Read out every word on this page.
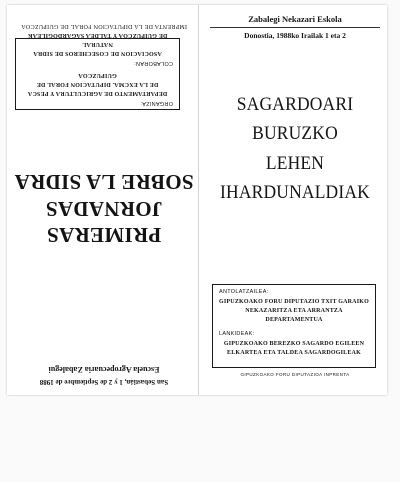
IMPRENTA DE LA DIPUTACION FORAL DE GUIPUZCOA
ORGANIZA:
DEPARTAMENTO DE AGRICULTURA Y PESCA
DE LA EXCMA. DIPUTACION FORAL DE GUIPUZCOA
COLABORAN:
ASOCIACION DE COSECHEROS DE SIDRA NATURAL
DE GUIPUZCOA Y TALDEA SAGARDOGILEAK
PRIMERAS
JORNADAS
SOBRE LA SIDRA
San Sebastián, 1 y 2 de Septiembre de 1988
Escuela Agropecuaria Zabalegui
Zabalegi Nekazari Eskola
Donostia, 1988ko Irailak 1 eta 2
SAGARDOARI BURUZKO
LEHEN
IHARDUNALDIAK
ANTOLATZAILEA:
GIPUZKOAKO FORU DIPUTAZIO TXIT GARAIKO
NEKAZARITZA ETA ARRANTZA DEPARTAMENTUA
LANKIDEAK:
GIPUZKOAKO BEREZKO SAGARDO EGILEEN
ELKARTEA ETA TALDEA SAGARDOGILEAK
GIPUZKOAKO FORU DIPUTAZIOA INPRENTA
